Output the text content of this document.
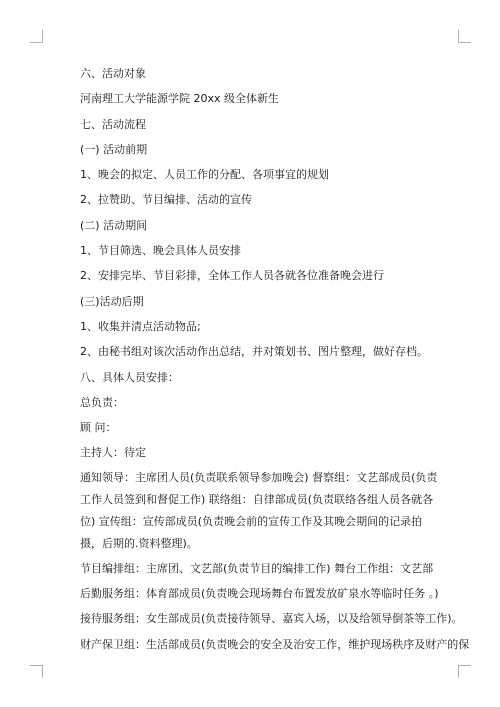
六、活动对象
河南理工大学能源学院 20xx 级全体新生
七、活动流程
(一) 活动前期
1、晚会的拟定、人员工作的分配、各项事宜的规划
2、拉赞助、节目编排、活动的宣传
(二) 活动期间
1、节目筛选、晚会具体人员安排
2、安排完毕、节目彩排，全体工作人员各就各位准备晚会进行
(三)活动后期
1、收集并清点活动物品;
2、由秘书组对该次活动作出总结，并对策划书、图片整理，做好存档。
八、具体人员安排：
总负责：
顾 问：
主持人：待定
通知领导：主席团人员(负责联系领导参加晚会) 督察组：文艺部成员(负责工作人员签到和督促工作) 联络组：自律部成员(负责联络各组人员各就各位) 宣传组：宣传部成员(负责晚会前的宣传工作及其晚会期间的记录拍摄，后期的.资料整理)。
节目编排组：主席团、文艺部(负责节目的编排工作) 舞台工作组：文艺部
后勤服务组：体育部成员(负责晚会现场舞台布置发放矿泉水等临时任务 。)
接待服务组：女生部成员(负责接待领导、嘉宾入场，以及给领导倒茶等工作)。
财产保卫组：生活部成员(负责晚会的安全及治安工作，维护现场秩序及财产的保
